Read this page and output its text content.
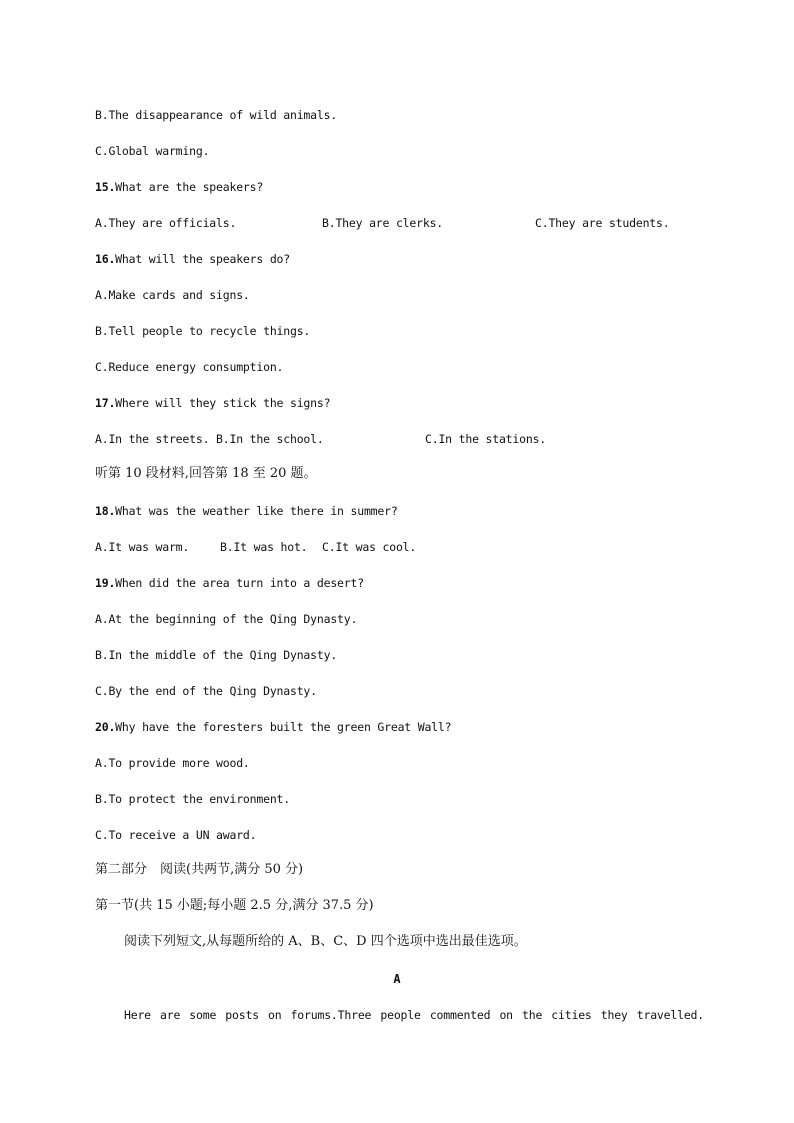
B.The disappearance of wild animals.
C.Global warming.
15.What are the speakers?
A.They are officials.	B.They are clerks.	C.They are students.
16.What will the speakers do?
A.Make cards and signs.
B.Tell people to recycle things.
C.Reduce energy consumption.
17.Where will they stick the signs?
A.In the streets. B.In the school.	C.In the stations.
听第 10 段材料,回答第 18 至 20 题。
18.What was the weather like there in summer?
A.It was warm.	B.It was hot. C.It was cool.
19.When did the area turn into a desert?
A.At the beginning of the Qing Dynasty.
B.In the middle of the Qing Dynasty.
C.By the end of the Qing Dynasty.
20.Why have the foresters built the green Great Wall?
A.To provide more wood.
B.To protect the environment.
C.To receive a UN award.
第二部分　阅读(共两节,满分 50 分)
第一节(共 15 小题;每小题 2.5 分,满分 37.5 分)
阅读下列短文,从每题所给的 A、B、C、D 四个选项中选出最佳选项。
A
Here are some posts on forums.Three people commented on the cities they travelled.
